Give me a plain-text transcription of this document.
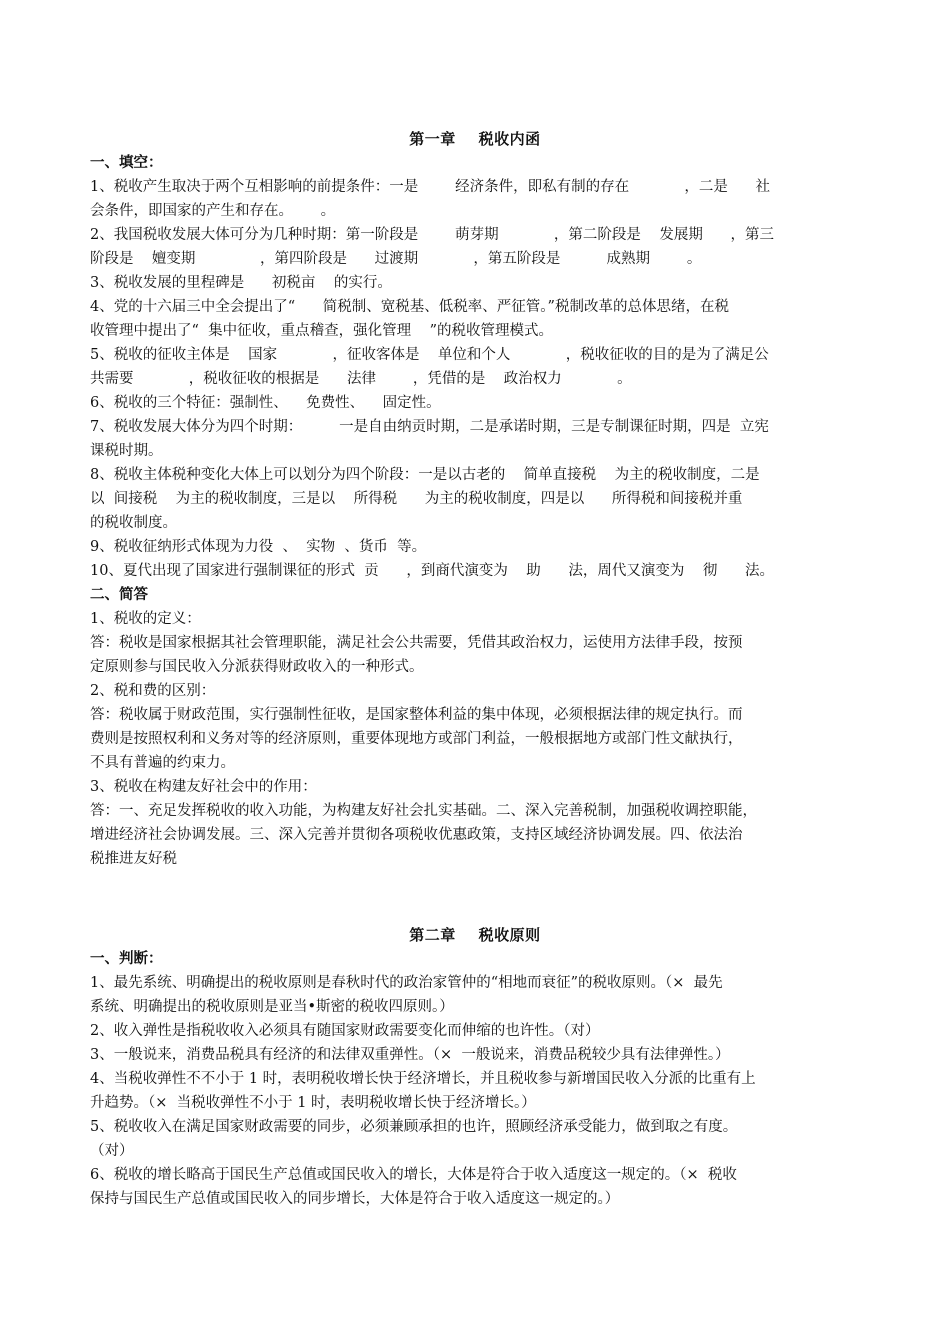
第一章    税收内函
一、填空：
1、税收产生取决于两个互相影响的前提条件：一是        经济条件，即私有制的存在            ，二是      社
会条件，即国家的产生和存在。      。
2、我国税收发展大体可分为几种时期：第一阶段是        萌芽期            ，第二阶段是    发展期      ，第三
阶段是    嬗变期              ，第四阶段是      过渡期            ，第五阶段是          成熟期        。
3、税收发展的里程碑是      初税亩    的实行。
4、党的十六届三中全会提出了“      简税制、宽税基、低税率、严征管。”税制改革的总体思绪，在税
收管理中提出了“  集中征收，重点稽查，强化管理    ”的税收管理模式。
5、税收的征收主体是    国家            ，征收客体是    单位和个人            ，税收征收的目的是为了满足公
共需要            ，税收征收的根据是      法律        ，凭借的是    政治权力            。
6、税收的三个特征：强制性、    免费性、    固定性。
7、税收发展大体分为四个时期：        一是自由纳贡时期，二是承诺时期，三是专制课征时期，四是  立宪
课税时期。
8、税收主体税种变化大体上可以划分为四个阶段：一是以古老的    简单直接税    为主的税收制度，二是
以  间接税    为主的税收制度，三是以    所得税      为主的税收制度，四是以      所得税和间接税并重
的税收制度。
9、税收征纳形式体现为力役  、  实物  、货币  等。
10、夏代出现了国家进行强制课征的形式  贡      ，到商代演变为    助      法，周代又演变为    彻      法。
二、简答
1、税收的定义：
答：税收是国家根据其社会管理职能，满足社会公共需要，凭借其政治权力，运使用方法律手段，按预
定原则参与国民收入分派获得财政收入的一种形式。
2、税和费的区别：
答：税收属于财政范围，实行强制性征收，是国家整体利益的集中体现，必须根据法律的规定执行。而
费则是按照权利和义务对等的经济原则，重要体现地方或部门利益，一般根据地方或部门性文献执行，
不具有普遍的约束力。
3、税收在构建友好社会中的作用：
答：一、充足发挥税收的收入功能，为构建友好社会扎实基础。二、深入完善税制，加强税收调控职能，
增进经济社会协调发展。三、深入完善并贯彻各项税收优惠政策，支持区域经济协调发展。四、依法治
税推进友好税
第二章    税收原则
一、判断：
1、最先系统、明确提出的税收原则是春秋时代的政治家管仲的“相地而衰征”的税收原则。（×  最先
系统、明确提出的税收原则是亚当•斯密的税收四原则。）
2、收入弹性是指税收收入必须具有随国家财政需要变化而伸缩的也许性。（对）
3、一般说来，消费品税具有经济的和法律双重弹性。（×  一般说来，消费品税较少具有法律弹性。）
4、当税收弹性不不小于 1 时，表明税收增长快于经济增长，并且税收参与新增国民收入分派的比重有上
升趋势。（×  当税收弹性不小于 1 时，表明税收增长快于经济增长。）
5、税收收入在满足国家财政需要的同步，必须兼顾承担的也许，照顾经济承受能力，做到取之有度。
（对）
6、税收的增长略高于国民生产总值或国民收入的增长，大体是符合于收入适度这一规定的。（×  税收
保持与国民生产总值或国民收入的同步增长，大体是符合于收入适度这一规定的。）
